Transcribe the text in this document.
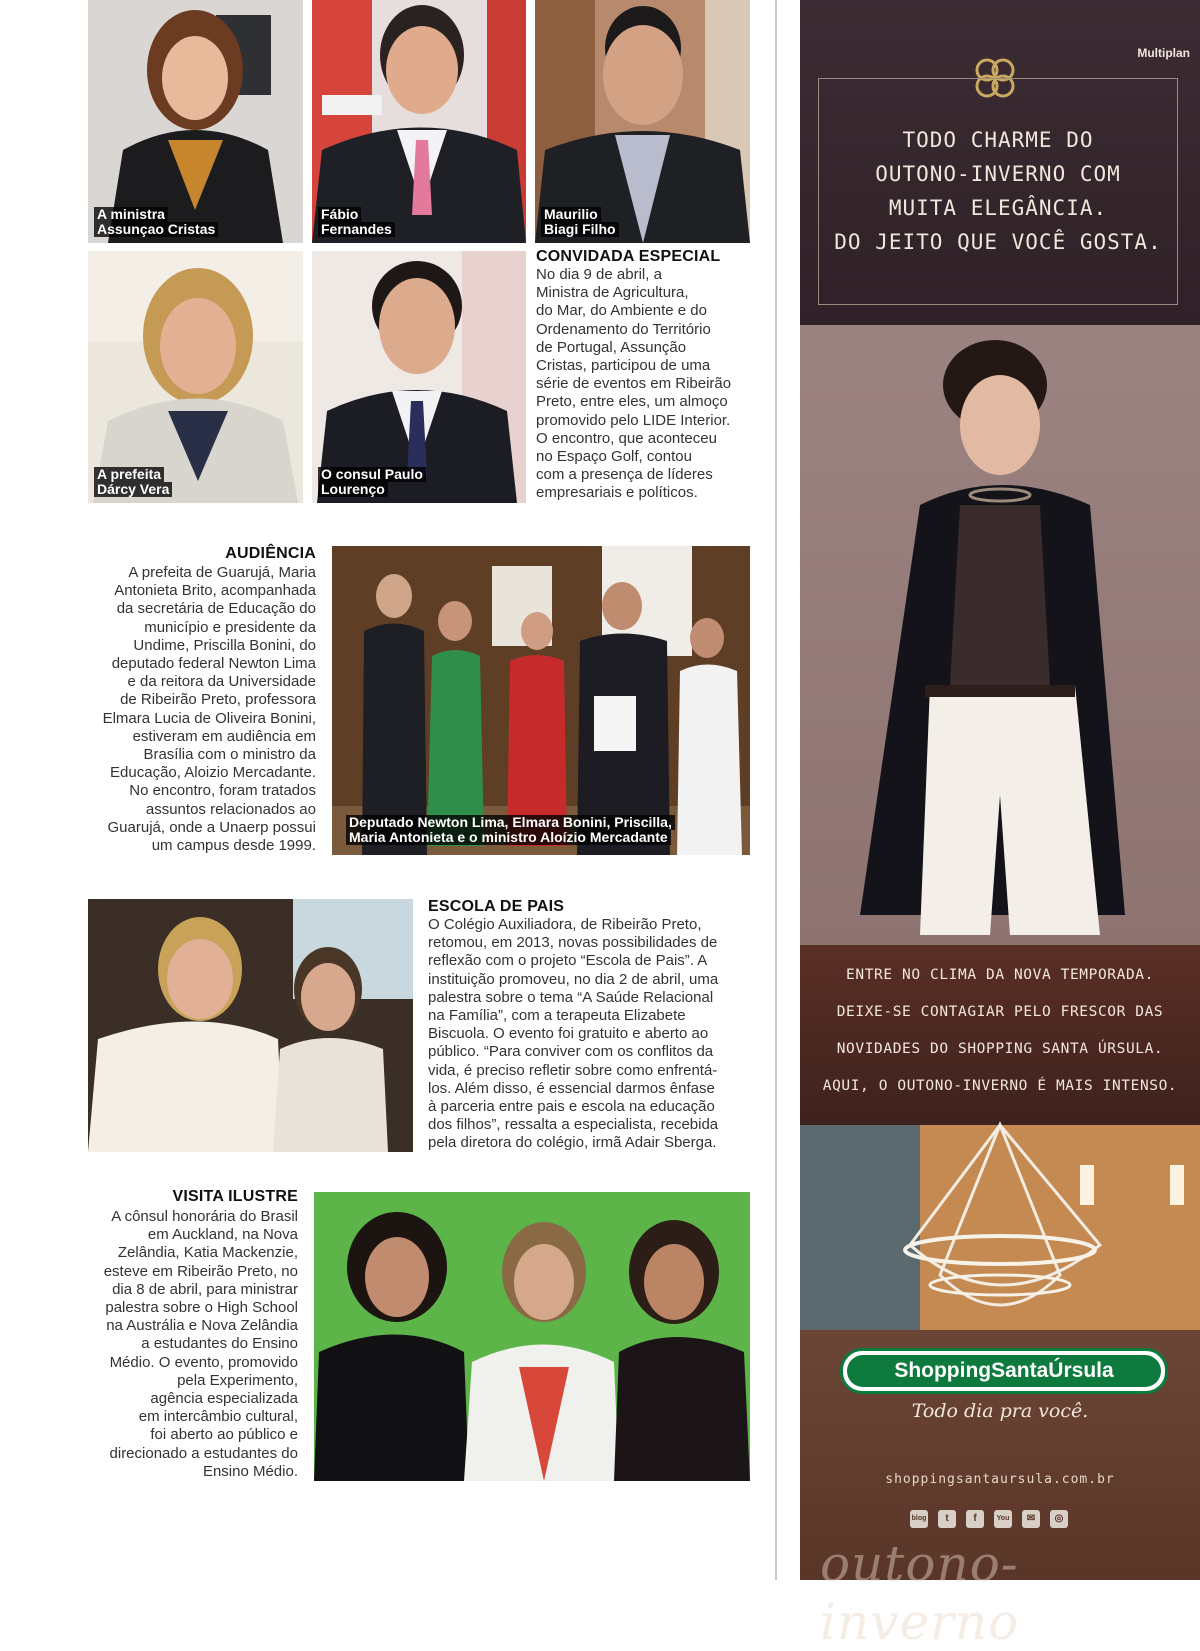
A ministra
Assunçao Cristas
Fábio
Fernandes
Maurilio
Biagi Filho
A prefeita
Dárcy Vera
O consul Paulo
Lourenço
CONVIDADA ESPECIAL

No dia 9 de abril, a

Ministra de Agricultura,

do Mar, do Ambiente e do

Ordenamento do Território

de Portugal, Assunção

Cristas, participou de uma

série de eventos em Ribeirão

Preto, entre eles, um almoço

promovido pelo LIDE Interior.

O encontro, que aconteceu

no Espaço Golf, contou

com a presença de líderes

empresariais e políticos.

AUDIÊNCIA

A prefeita de Guarujá, Maria

Antonieta Brito, acompanhada

da secretária de Educação do

município e presidente da

Undime, Priscilla Bonini, do

deputado federal Newton Lima

e da reitora da Universidade

de Ribeirão Preto, professora

Elmara Lucia de Oliveira Bonini,

estiveram em audiência em

Brasília com o ministro da

Educação, Aloizio Mercadante.

No encontro, foram tratados

assuntos relacionados ao

Guarujá, onde a Unaerp possui

um campus desde 1999.

Deputado Newton Lima, Elmara Bonini, Priscilla,
Maria Antonieta e o ministro Aloízio Mercadante
ESCOLA DE PAIS

O Colégio Auxiliadora, de Ribeirão Preto,

retomou, em 2013, novas possibilidades de

reflexão com o projeto “Escola de Pais”. A

instituição promoveu, no dia 2 de abril, uma

palestra sobre o tema “A Saúde Relacional

na Família”, com a terapeuta Elizabete

Biscuola. O evento foi gratuito e aberto ao

público. “Para conviver com os conflitos da

vida, é preciso refletir sobre como enfrentá-

los. Além disso, é essencial darmos ênfase

à parceria entre pais e escola na educação

dos filhos”, ressalta a especialista, recebida

pela diretora do colégio, irmã Adair Sberga.

VISITA ILUSTRE

A cônsul honorária do Brasil

em Auckland, na Nova

Zelândia, Katia Mackenzie,

esteve em Ribeirão Preto, no

dia 8 de abril, para ministrar

palestra sobre o High School

na Austrália e Nova Zelândia

a estudantes do Ensino

Médio. O evento, promovido

pela Experimento,

agência especializada

em intercâmbio cultural,

foi aberto ao público e

direcionado a estudantes do

Ensino Médio.

Multiplan

TODO CHARME DO

OUTONO-INVERNO COM

MUITA ELEGÂNCIA.

DO JEITO QUE VOCÊ GOSTA.

ENTRE NO CLIMA DA NOVA TEMPORADA.

DEIXE-SE CONTAGIAR PELO FRESCOR DAS

NOVIDADES DO SHOPPING SANTA ÚRSULA.

AQUI, O OUTONO-INVERNO É MAIS INTENSO.

ShoppingSantaÚrsula
Todo dia pra você.
shoppingsantaursula.com.br
blog	t	f	You	✉	◎
outono-inverno
